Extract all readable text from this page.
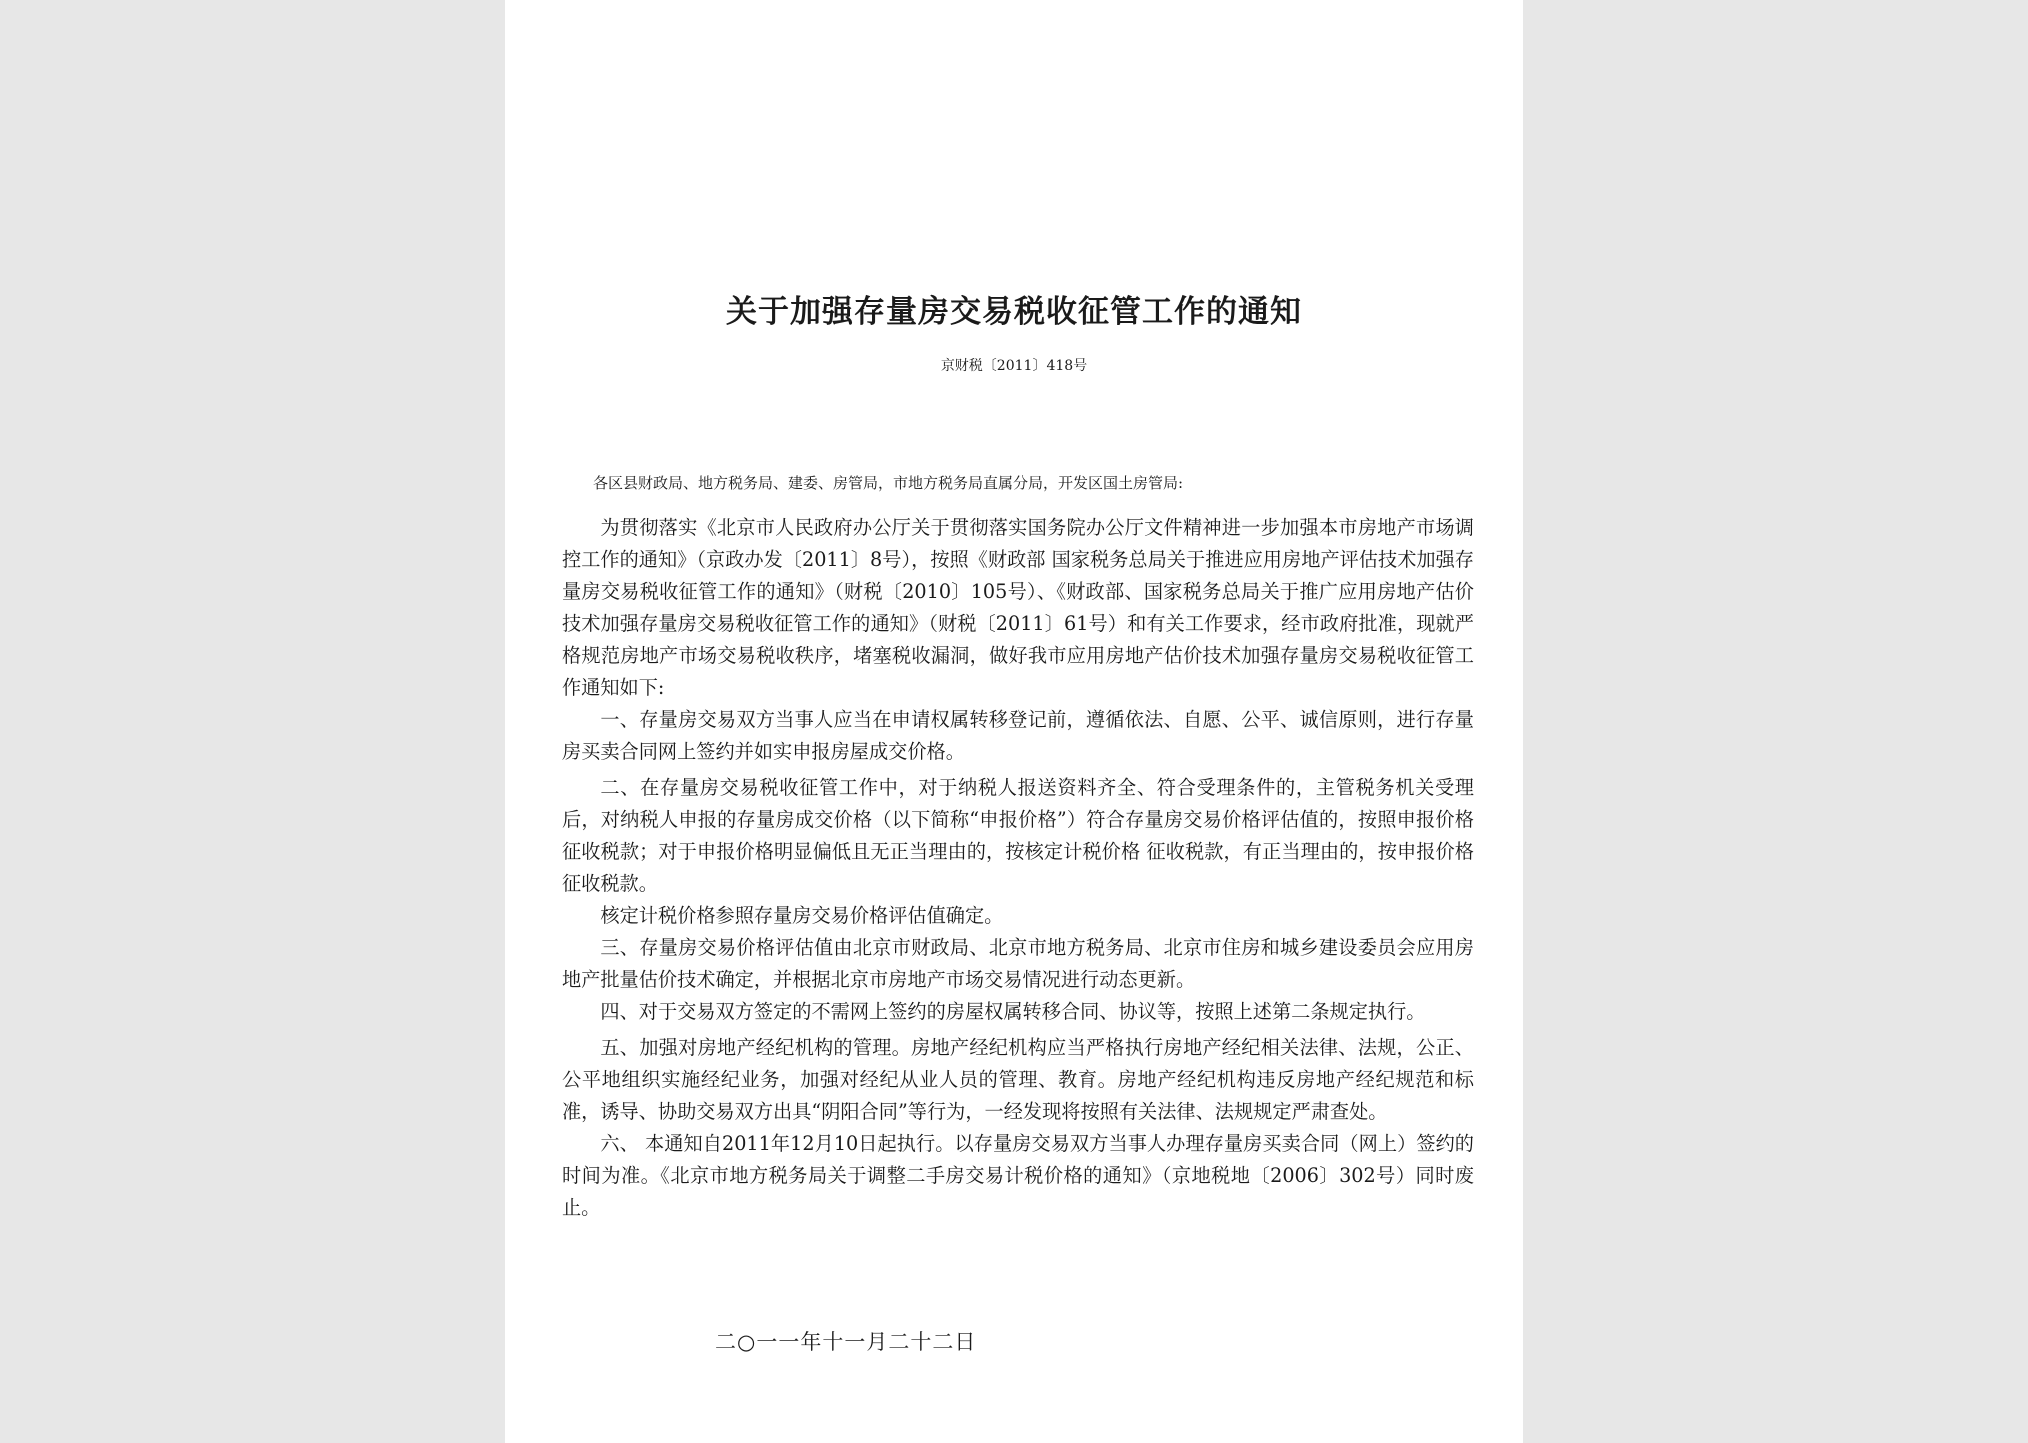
关于加强存量房交易税收征管工作的通知
京财税〔2011〕418号
各区县财政局、地方税务局、建委、房管局，市地方税务局直属分局，开发区国土房管局:

为贯彻落实《北京市人民政府办公厅关于贯彻落实国务院办公厅文件精神进一步加强本市房地产市场调控工作的通知》（京政办发〔2011〕8号），按照《财政部 国家税务总局关于推进应用房地产评估技术加强存量房交易税收征管工作的通知》（财税〔2010〕105号）、《财政部、国家税务总局关于推广应用房地产估价技术加强存量房交易税收征管工作的通知》（财税〔2011〕61号）和有关工作要求，经市政府批准，现就严格规范房地产市场交易税收秩序，堵塞税收漏洞，做好我市应用房地产估价技术加强存量房交易税收征管工作通知如下:

一、存量房交易双方当事人应当在申请权属转移登记前，遵循依法、自愿、公平、诚信原则，进行存量房买卖合同网上签约并如实申报房屋成交价格。

二、在存量房交易税收征管工作中，对于纳税人报送资料齐全、符合受理条件的，主管税务机关受理后，对纳税人申报的存量房成交价格（以下简称“申报价格”）符合存量房交易价格评估值的，按照申报价格征收税款；对于申报价格明显偏低且无正当理由的，按核定计税价格 征收税款，有正当理由的，按申报价格 征收税款。

核定计税价格参照存量房交易价格评估值确定。

三、存量房交易价格评估值由北京市财政局、北京市地方税务局、北京市住房和城乡建设委员会应用房地产批量估价技术确定，并根据北京市房地产市场交易情况进行动态更新。

四、对于交易双方签定的不需网上签约的房屋权属转移合同、协议等，按照上述第二条规定执行。

五、加强对房地产经纪机构的管理。房地产经纪机构应当严格执行房地产经纪相关法律、法规，公正、公平地组织实施经纪业务，加强对经纪从业人员的管理、教育。房地产经纪机构违反房地产经纪规范和标准，诱导、协助交易双方出具“阴阳合同”等行为，一经发现将按照有关法律、法规规定严肃查处。

六、 本通知自2011年12月10日起执行。以存量房交易双方当事人办理存量房买卖合同（网上）签约的时间为准。《北京市地方税务局关于调整二手房交易计税价格的通知》（京地税地〔2006〕302号）同时废止。

二○一一年十一月二十二日
